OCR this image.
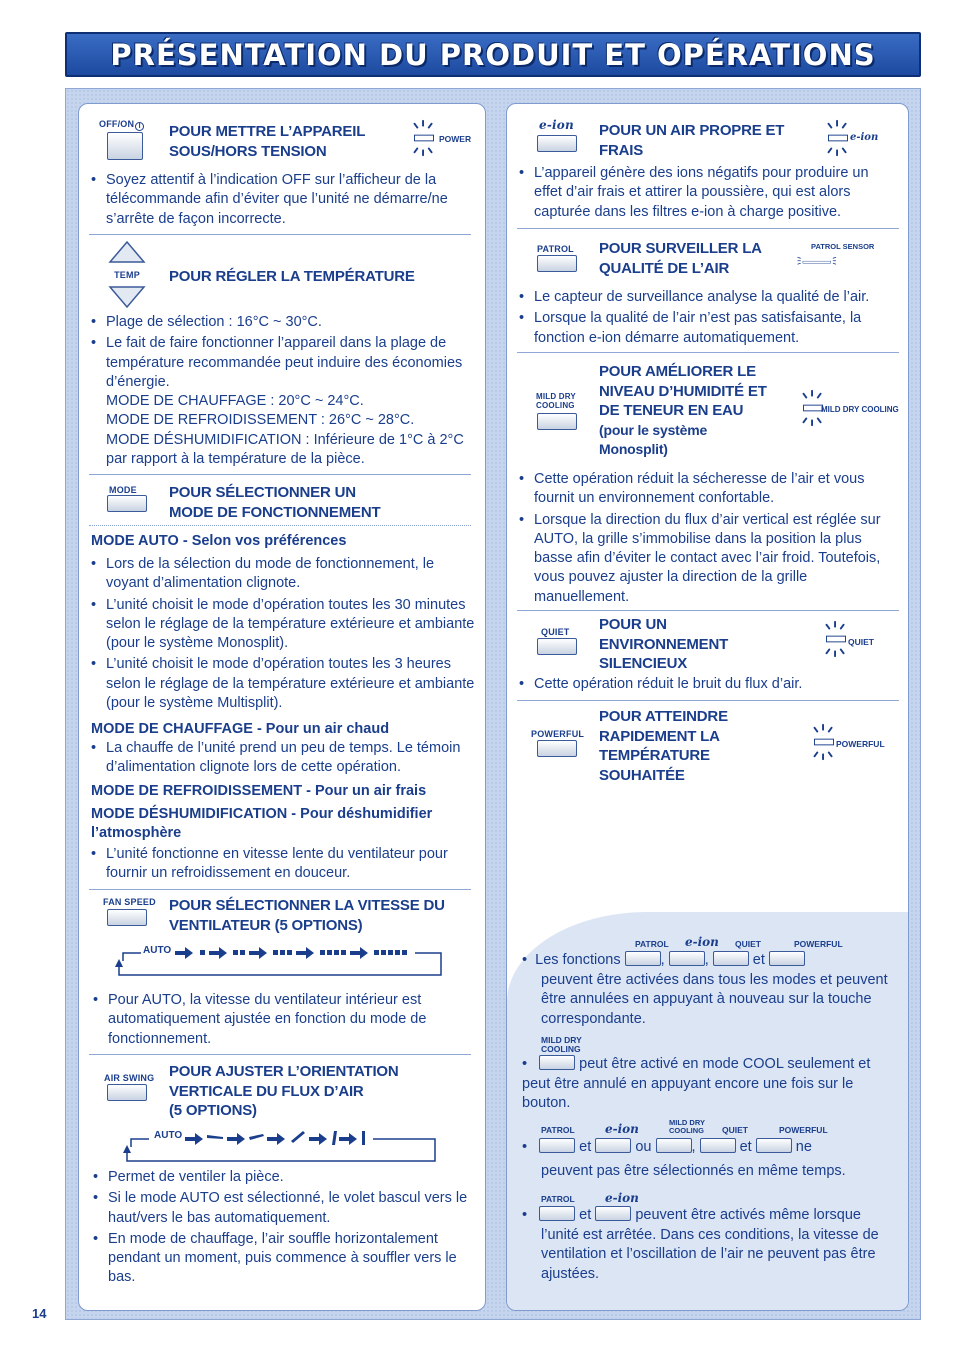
PRÉSENTATION DU PRODUIT ET OPÉRATIONS
OFF/ON I POUR METTRE L’APPAREIL
SOUS/HORS TENSION
POWER
• Soyez attentif à l’indication OFF sur l’afficheur de la télécommande afin d’éviter que l’unité ne démarre/ne s’arrête de façon incorrecte.
TEMP	POUR RÉGLER LA TEMPÉRATURE
• Plage de sélection : 16°C ~ 30°C.
• Le fait de faire fonctionner l’appareil dans la plage de température recommandée peut induire des économies d’énergie.
MODE DE CHAUFFAGE : 20°C ~ 24°C.
MODE DE REFROIDISSEMENT : 26°C ~ 28°C.
MODE DÉSHUMIDIFICATION : Inférieure de 1°C à 2°C par rapport à la température de la pièce.
MODE POUR SÉLECTIONNER UN
MODE DE FONCTIONNEMENT
MODE AUTO - Selon vos préférences
• Lors de la sélection du mode de fonctionnement, le voyant d’alimentation clignote.
• L’unité choisit le mode d’opération toutes les 30 minutes selon le réglage de la température extérieure et ambiante (pour le système Monosplit).
• L’unité choisit le mode d’opération toutes les 3 heures selon le réglage de la température extérieure et ambiante (pour le système Multisplit).
MODE DE CHAUFFAGE - Pour un air chaud
• La chauffe de l’unité prend un peu de temps. Le témoin d’alimentation clignote lors de cette opération.
MODE DE REFROIDISSEMENT - Pour un air frais
MODE DÉSHUMIDIFICATION - Pour déshumidifier l’atmosphère
• L’unité fonctionne en vitesse lente du ventilateur pour fournir un refroidissement en douceur.
FAN SPEED POUR SÉLECTIONNER LA VITESSE DU
VENTILATEUR (5 OPTIONS)
AUTO
• Pour AUTO, la vitesse du ventilateur intérieur est automatiquement ajustée en fonction du mode de fonctionnement.
AIR SWING POUR AJUSTER L’ORIENTATION
VERTICALE DU FLUX D’AIR
(5 OPTIONS)
AUTO
• Permet de ventiler la pièce.
• Si le mode AUTO est sélectionné, le volet bascul vers le haut/vers le bas automatiquement.
• En mode de chauffage, l’air souffle horizontalement pendant un moment, puis commence à souffler vers le bas.
e-ion POUR UN AIR PROPRE ET
FRAIS
e-ion
• L’appareil génère des ions négatifs pour produire un effet d’air frais et attirer la poussière, qui est alors capturée dans les filtres e-ion à charge positive.
PATROL POUR SURVEILLER LA
QUALITÉ DE L’AIR
PATROL SENSOR
• Le capteur de surveillance analyse la qualité de l’air.
• Lorsque la qualité de l’air n’est pas satisfaisante, la fonction e-ion démarre automatiquement.
MILD DRY
COOLING
POUR AMÉLIORER LE
NIVEAU D’HUMIDITÉ ET
DE TENEUR EN EAU
(pour le système
Monosplit)
MILD DRY COOLING
• Cette opération réduit la sécheresse de l’air et vous fournit un environnement confortable.
• Lorsque la direction du flux d’air vertical est réglée sur AUTO, la grille s’immobilise dans la position la plus basse afin d’éviter le contact avec l’air froid. Toutefois, vous pouvez ajuster la direction de la grille manuellement.
QUIET POUR UN
ENVIRONNEMENT
SILENCIEUX
QUIET
• Cette opération réduit le bruit du flux d’air.
POWERFUL
POUR ATTEINDRE
RAPIDEMENT LA
TEMPÉRATURE
SOUHAITÉE
POWERFUL
PATROL e-ion QUIET	POWERFUL
•  Les fonctions	, ,	et
peuvent être activées dans tous les modes et peuvent être annulées en appuyant à nouveau sur la touche correspondante.
MILD DRY
COOLING
•	peut être activé en mode COOL seulement et peut être annulé en appuyant encore une fois sur le bouton.
PATROL	e-ion	MILD DRY
COOLING QUIET	POWERFUL
•	et	ou	,	et	ne
peuvent pas être sélectionnés en même temps.
PATROL	e-ion
•	et	peuvent être activés même lorsque
l’unité est arrêtée. Dans ces conditions, la vitesse de ventilation et l’oscillation de l’air ne peuvent pas être ajustées.
14
